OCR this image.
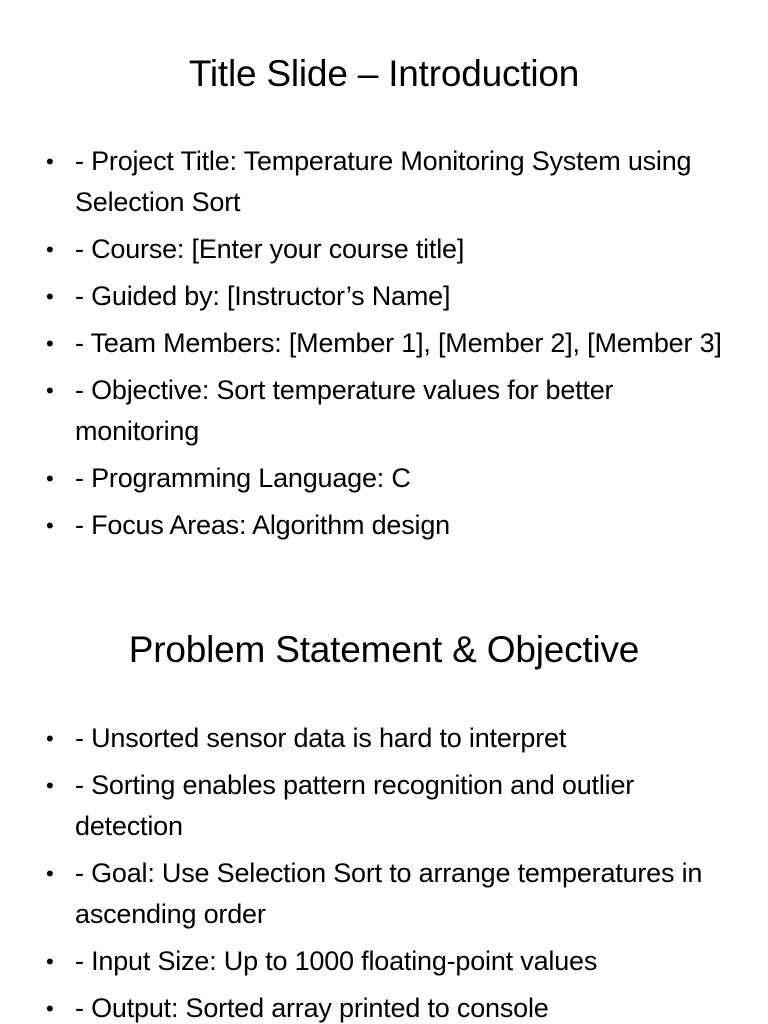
Title Slide – Introduction
• - Project Title: Temperature Monitoring System using Selection Sort
• - Course: [Enter your course title]
• - Guided by: [Instructor’s Name]
• - Team Members: [Member 1], [Member 2], [Member 3]
• - Objective: Sort temperature values for better monitoring
• - Programming Language: C
• - Focus Areas: Algorithm design
Problem Statement & Objective
• - Unsorted sensor data is hard to interpret
• - Sorting enables pattern recognition and outlier detection
• - Goal: Use Selection Sort to arrange temperatures in ascending order
• - Input Size: Up to 1000 floating-point values
• - Output: Sorted array printed to console
